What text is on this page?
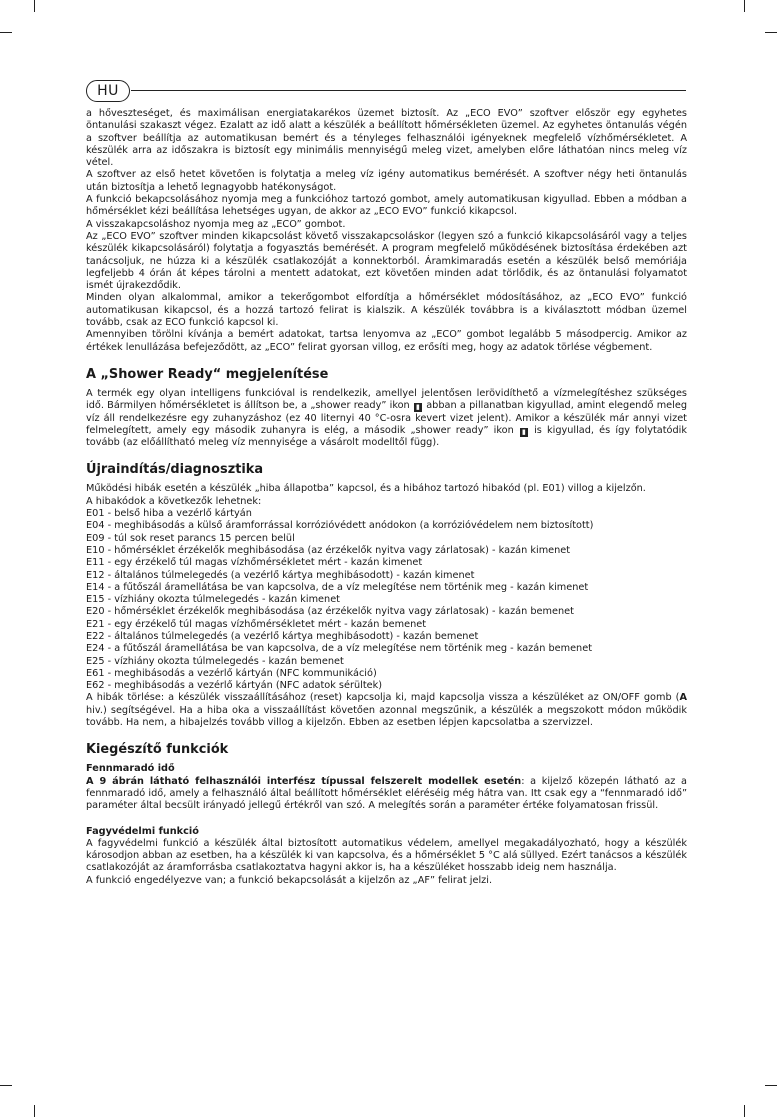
HU

a hőveszteséget, és maximálisan energiatakarékos üzemet biztosít. Az „ECO EVO” szoftver először egy egyhetes öntanulási szakaszt végez. Ezalatt az idő alatt a készülék a beállított hőmérsékleten üzemel. Az egyhetes öntanulás végén a szoftver beállítja az automatikusan bemért és a tényleges felhasználói igényeknek megfelelő vízhőmérsékletet. A készülék arra az időszakra is biztosít egy minimális mennyiségű meleg vizet, amelyben előre láthatóan nincs meleg víz vétel.

A szoftver az első hetet követően is folytatja a meleg víz igény automatikus bemérését. A szoftver négy heti öntanulás után biztosítja a lehető legnagyobb hatékonyságot.

A funkció bekapcsolásához nyomja meg a funkcióhoz tartozó gombot, amely automatikusan kigyullad. Ebben a módban a hőmérséklet kézi beállítása lehetséges ugyan, de akkor az „ECO EVO” funkció kikapcsol.

A visszakapcsoláshoz nyomja meg az „ECO” gombot.

Az „ECO EVO” szoftver minden kikapcsolást követő visszakapcsoláskor (legyen szó a funkció kikapcsolásáról vagy a teljes készülék kikapcsolásáról) folytatja a fogyasztás bemérését. A program megfelelő működésének biztosítása érdekében azt tanácsoljuk, ne húzza ki a készülék csatlakozóját a konnektorból. Áramkimaradás esetén a készülék belső memóriája legfeljebb 4 órán át képes tárolni a mentett adatokat, ezt követően minden adat törlődik, és az öntanulási folyamatot ismét újrakezdődik.

Minden olyan alkalommal, amikor a tekerőgombot elfordítja a hőmérséklet módosításához, az „ECO EVO” funkció automatikusan kikapcsol, és a hozzá tartozó felirat is kialszik. A készülék továbbra is a kiválasztott módban üzemel tovább, csak az ECO funkció kapcsol ki.

Amennyiben törölni kívánja a bemért adatokat, tartsa lenyomva az „ECO” gombot legalább 5 másodpercig. Amikor az értékek lenullázása befejeződött, az „ECO” felirat gyorsan villog, ez erősíti meg, hogy az adatok törlése végbement.

A „Shower Ready“ megjelenítése

A termék egy olyan intelligens funkcióval is rendelkezik, amellyel jelentősen lerövidíthető a vízmelegítéshez szükséges idő. Bármilyen hőmérsékletet is állítson be, a „shower ready” ikon ▮ abban a pillanatban kigyullad, amint elegendő meleg víz áll rendelkezésre egy zuhanyzáshoz (ez 40 liternyi 40 °C-osra kevert vizet jelent). Amikor a készülék már annyi vizet felmelegített, amely egy második zuhanyra is elég, a második „shower ready” ikon ▮ is kigyullad, és így folytatódik tovább (az előállítható meleg víz mennyisége a vásárolt modelltől függ).

Újraindítás/diagnosztika

Működési hibák esetén a készülék „hiba állapotba” kapcsol, és a hibához tartozó hibakód (pl. E01) villog a kijelzőn.

A hibakódok a következők lehetnek:

E01 - belső hiba a vezérlő kártyán
E04 - meghibásodás a külső áramforrással korrózióvédett anódokon (a korrózióvédelem nem biztosított)
E09 - túl sok reset parancs 15 percen belül
E10 - hőmérséklet érzékelők meghibásodása (az érzékelők nyitva vagy zárlatosak) - kazán kimenet
E11 - egy érzékelő túl magas vízhőmérsékletet mért - kazán kimenet
E12 - általános túlmelegedés (a vezérlő kártya meghibásodott) - kazán kimenet
E14 - a fűtőszál áramellátása be van kapcsolva, de a víz melegítése nem történik meg - kazán kimenet
E15 - vízhiány okozta túlmelegedés - kazán kimenet
E20 - hőmérséklet érzékelők meghibásodása (az érzékelők nyitva vagy zárlatosak) - kazán bemenet
E21 - egy érzékelő túl magas vízhőmérsékletet mért - kazán bemenet
E22 - általános túlmelegedés (a vezérlő kártya meghibásodott) - kazán bemenet
E24 - a fűtőszál áramellátása be van kapcsolva, de a víz melegítése nem történik meg - kazán bemenet
E25 - vízhiány okozta túlmelegedés - kazán bemenet
E61 - meghibásodás a vezérlő kártyán (NFC kommunikáció)
E62 - meghibásodás a vezérlő kártyán (NFC adatok sérültek)

A hibák törlése: a készülék visszaállításához (reset) kapcsolja ki, majd kapcsolja vissza a készüléket az ON/OFF gomb (A hiv.) segítségével. Ha a hiba oka a visszaállítást követően azonnal megszűnik, a készülék a megszokott módon működik tovább. Ha nem, a hibajelzés tovább villog a kijelzőn. Ebben az esetben lépjen kapcsolatba a szervizzel.

Kiegészítő funkciók
Fennmaradó idő

A 9 ábrán látható felhasználói interfész típussal felszerelt modellek esetén: a kijelző közepén látható az a fennmaradó idő, amely a felhasználó által beállított hőmérséklet eléréséig még hátra van. Itt csak egy a “fennmaradó idő” paraméter által becsült irányadó jellegű értékről van szó. A melegítés során a paraméter értéke folyamatosan frissül.

Fagyvédelmi funkció

A fagyvédelmi funkció a készülék által biztosított automatikus védelem, amellyel megakadályozható, hogy a készülék károsodjon abban az esetben, ha a készülék ki van kapcsolva, és a hőmérséklet 5 °C alá süllyed. Ezért tanácsos a készülék csatlakozóját az áramforrásba csatlakoztatva hagyni akkor is, ha a készüléket hosszabb ideig nem használja.

A funkció engedélyezve van; a funkció bekapcsolását a kijelzőn az „AF” felirat jelzi.
